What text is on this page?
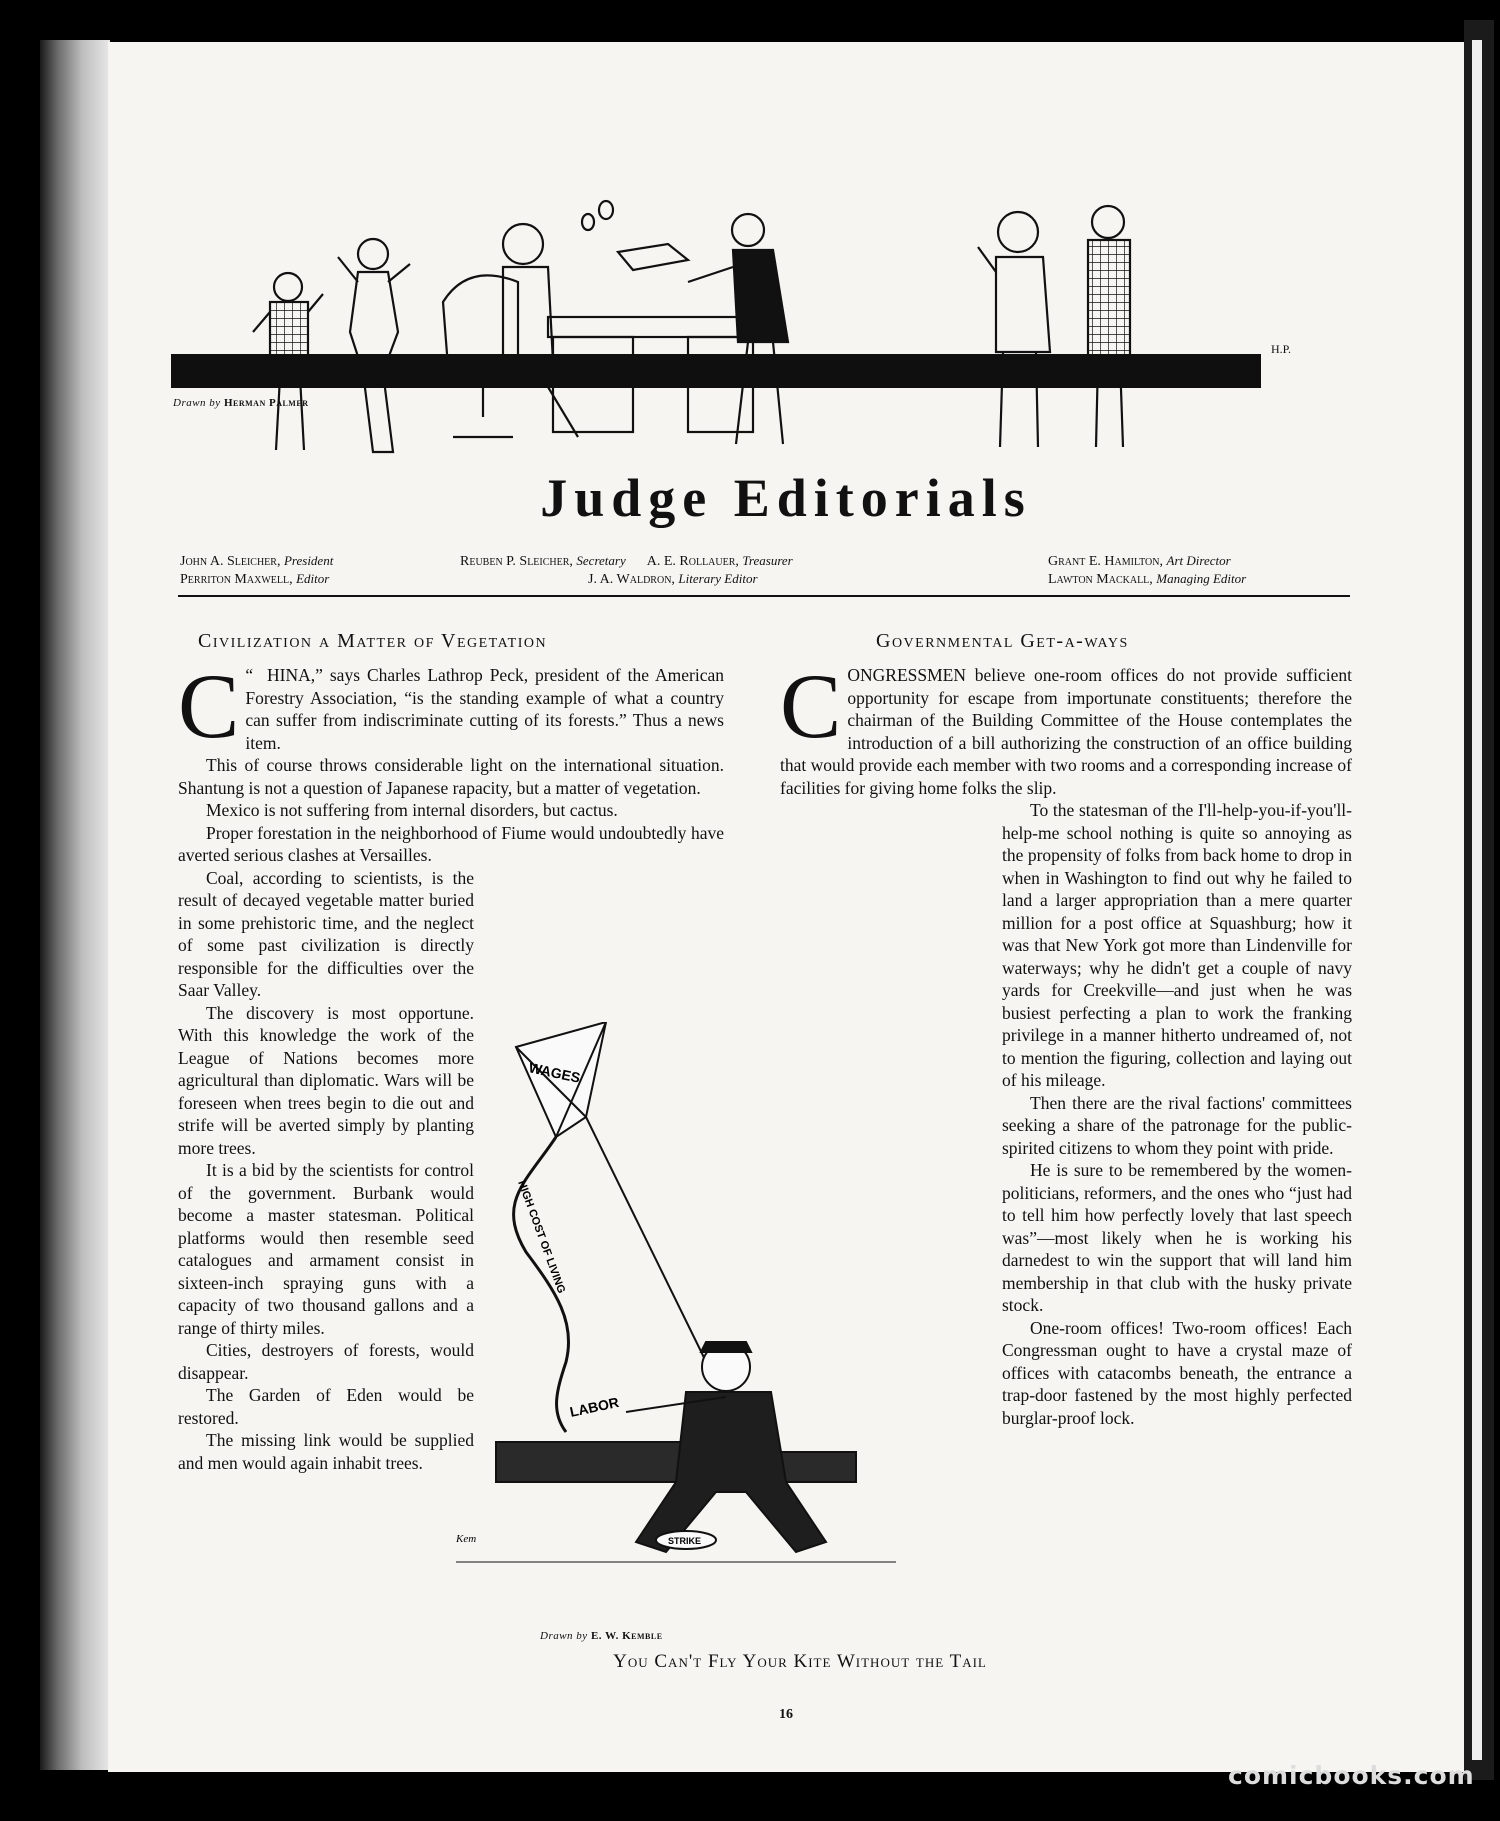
H.P.
Drawn by Herman Palmer
Judge Editorials
John A. Sleicher, President
Perriton Maxwell, Editor
Reuben P. Sleicher, Secretary A. E. Rollauer, Treasurer
J. A. Waldron, Literary Editor
Grant E. Hamilton, Art Director
Lawton Mackall, Managing Editor
Civilization a Matter of Vegetation

“
C HINA,” says Charles Lathrop Peck, president of the American Forestry Association, “is the standing example of what a country can suffer from indiscriminate cutting of its forests.” Thus a news item.

This of course throws considerable light on the international situation. Shantung is not a question of Japanese rapacity, but a matter of vegetation.

Mexico is not suffering from internal disorders, but cactus.

Proper forestation in the neighborhood of Fiume would undoubtedly have averted serious clashes at Versailles.

Coal, according to scientists, is the result of decayed vegetable matter buried in some prehistoric time, and the neglect of some past civilization is directly responsible for the difficulties over the Saar Valley.

The discovery is most opportune. With this knowledge the work of the League of Nations becomes more agricultural than diplomatic. Wars will be foreseen when trees begin to die out and strife will be averted simply by planting more trees.

It is a bid by the scientists for control of the government. Burbank would become a master statesman. Political platforms would then resemble seed catalogues and armament consist in sixteen-inch spraying guns with a capacity of two thousand gallons and a range of thirty miles.

Cities, destroyers of forests, would disappear.

The Garden of Eden would be restored.

The missing link would be supplied and men would again inhabit trees.

Governmental Get-a-ways

CONGRESSMEN believe one-room offices do not provide sufficient opportunity for escape from importunate constituents; therefore the chairman of the Building Committee of the House contemplates the introduction of a bill authorizing the construction of an office building that would provide each member with two rooms and a corresponding increase of facilities for giving home folks the slip.

To the statesman of the I'll-help-you-if-you'll-help-me school nothing is quite so annoying as the propensity of folks from back home to drop in when in Washington to find out why he failed to land a larger appropriation than a mere quarter million for a post office at Squashburg; how it was that New York got more than Lindenville for waterways; why he didn't get a couple of navy yards for Creekville—and just when he was busiest perfecting a plan to work the franking privilege in a manner hitherto undreamed of, not to mention the figuring, collection and laying out of his mileage.

Then there are the rival factions' committees seeking a share of the patronage for the public-spirited citizens to whom they point with pride.

He is sure to be remembered by the women-politicians, reformers, and the ones who “just had to tell him how perfectly lovely that last speech was”—most likely when he is working his darnedest to win the support that will land him membership in that club with the husky private stock.

One-room offices! Two-room offices! Each Congressman ought to have a crystal maze of offices with catacombs beneath, the entrance a trap-door fastened by the most highly perfected burglar-proof lock.

WAGES
LABOR
STRIKE
HIGH COST OF LIVING
Kem
Drawn by E. W. Kemble
You Can't Fly Your Kite Without the Tail
16
comicbooks.com
